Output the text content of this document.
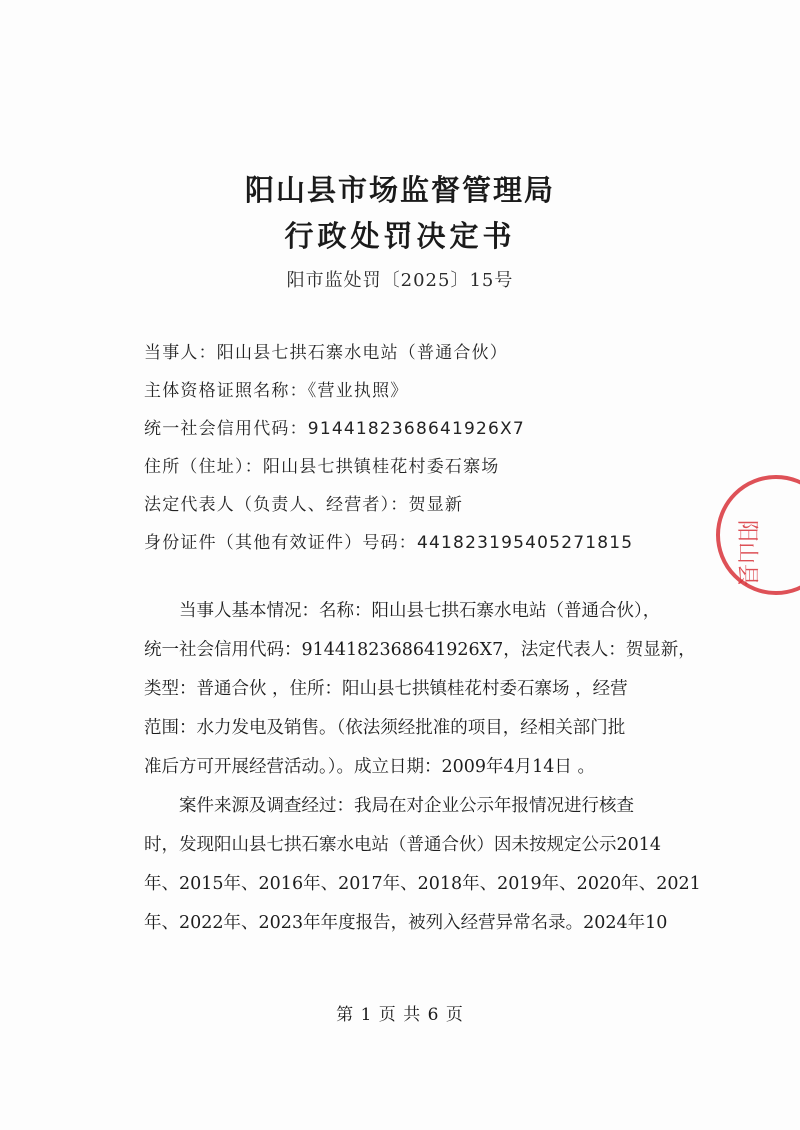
阳山县市场监督管理局
行政处罚决定书
阳市监处罚〔2025〕15号
当事人：阳山县七拱石寨水电站（普通合伙）
主体资格证照名称：《营业执照》
统一社会信用代码：9144182368641926X7
住所（住址）：阳山县七拱镇桂花村委石寨场
法定代表人（负责人、经营者）：贺显新
身份证件（其他有效证件）号码：441823195405271815
　　当事人基本情况：名称：阳山县七拱石寨水电站（普通合伙），
统一社会信用代码：9144182368641926X7，法定代表人：贺显新，
类型：普通合伙 ，住所：阳山县七拱镇桂花村委石寨场 ，经营
范围：水力发电及销售。（依法须经批准的项目，经相关部门批
准后方可开展经营活动。）。成立日期：2009年4月14日 。
　　案件来源及调查经过：我局在对企业公示年报情况进行核查
时，发现阳山县七拱石寨水电站（普通合伙）因未按规定公示2014
年、2015年、2016年、2017年、2018年、2019年、2020年、2021
年、2022年、2023年年度报告，被列入经营异常名录。2024年10
第 1 页 共 6 页
阳山县
